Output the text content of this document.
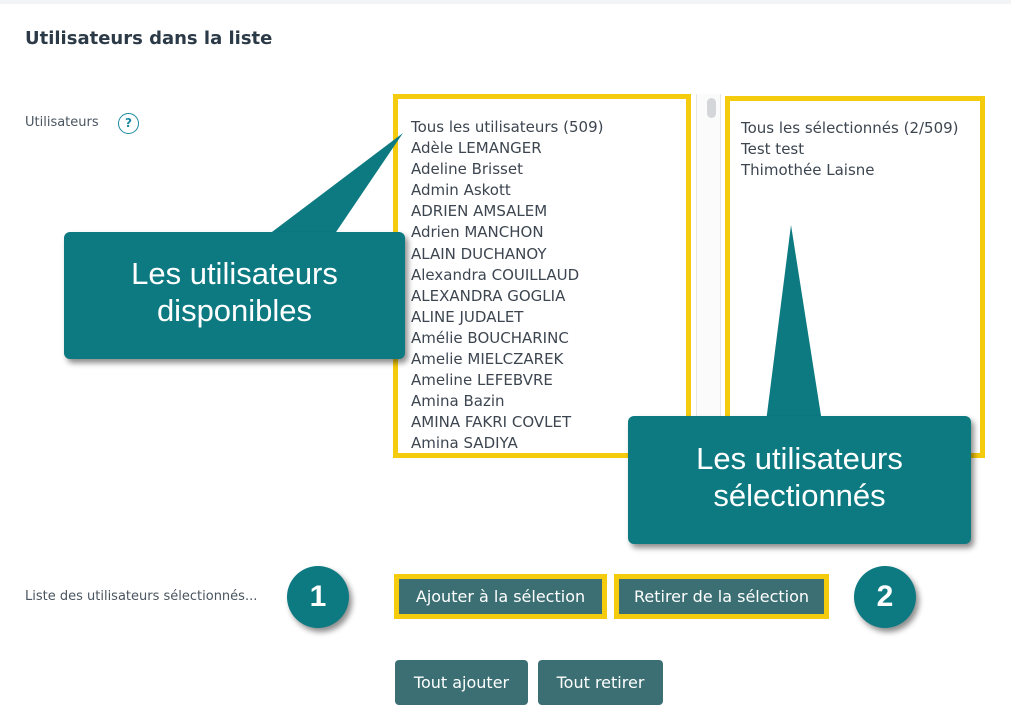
Utilisateurs dans la liste
Utilisateurs	?	Tous les utilisateurs (509)
Adèle LEMANGER
Adeline Brisset
Admin Askott
ADRIEN AMSALEM
Adrien MANCHON
ALAIN DUCHANOY
Alexandra COUILLAUD
ALEXANDRA GOGLIA
ALINE JUDALET
Amélie BOUCHARINC
Amelie MIELCZAREK
Ameline LEFEBVRE
Amina Bazin
AMINA FAKRI COVLET
Amina SADIYA
Tous les sélectionnés (2/509)
Test test
Thimothée Laisne
Les utilisateurs
disponibles
Les utilisateurs
sélectionnés
Liste des utilisateurs sélectionnés...	1	Ajouter à la sélection	Retirer de la sélection	2
Tout ajouter	Tout retirer
